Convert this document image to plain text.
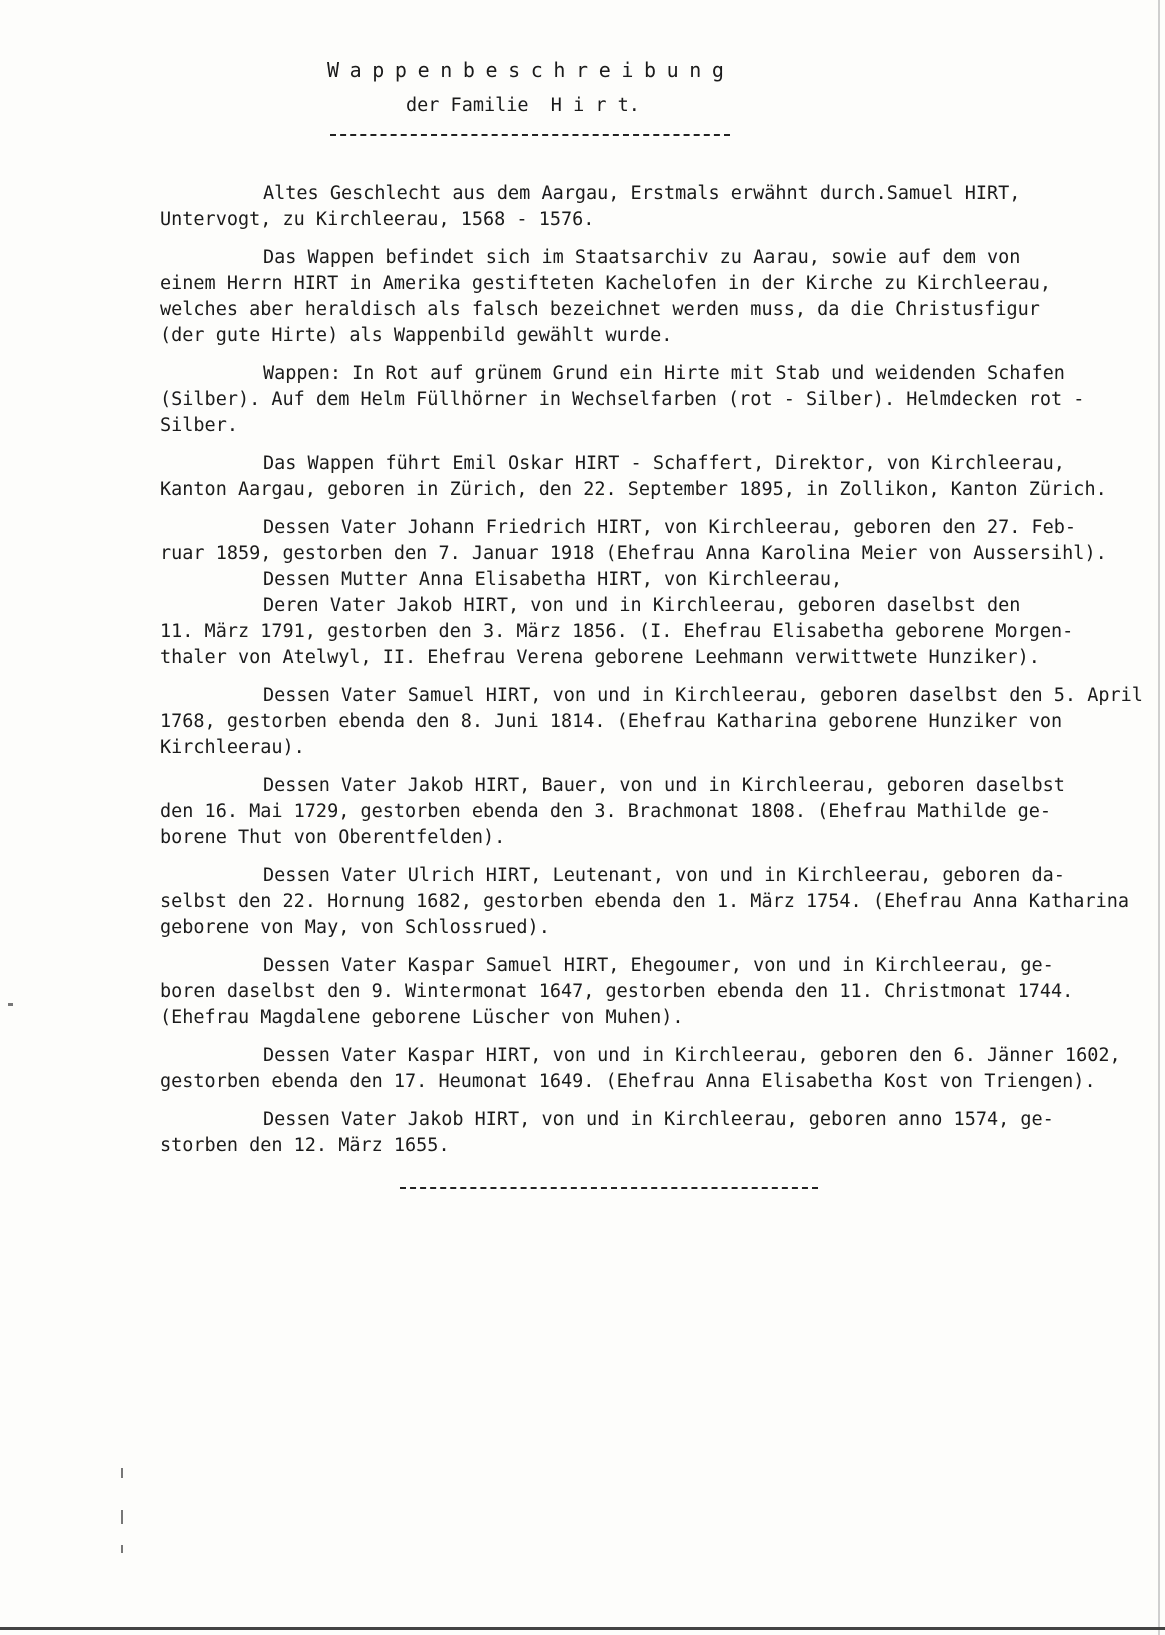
Wappenbeschreibung
der Familie  H i r t.
Altes Geschlecht aus dem Aargau, Erstmals erwähnt durch.Samuel HIRT,
Untervogt, zu Kirchleerau, 1568 - 1576.
Das Wappen befindet sich im Staatsarchiv zu Aarau, sowie auf dem von
einem Herrn HIRT in Amerika gestifteten Kachelofen in der Kirche zu Kirchleerau,
welches aber heraldisch als falsch bezeichnet werden muss, da die Christusfigur
(der gute Hirte) als Wappenbild gewählt wurde.
Wappen: In Rot auf grünem Grund ein Hirte mit Stab und weidenden Schafen
(Silber). Auf dem Helm Füllhörner in Wechselfarben (rot - Silber). Helmdecken rot -
Silber.
Das Wappen führt Emil Oskar HIRT - Schaffert, Direktor, von Kirchleerau,
Kanton Aargau, geboren in Zürich, den 22. September 1895, in Zollikon, Kanton Zürich.
Dessen Vater Johann Friedrich HIRT, von Kirchleerau, geboren den 27. Feb-
ruar 1859, gestorben den 7. Januar 1918 (Ehefrau Anna Karolina Meier von Aussersihl).
Dessen Mutter Anna Elisabetha HIRT, von Kirchleerau,
Deren Vater Jakob HIRT, von und in Kirchleerau, geboren daselbst den
11. März 1791, gestorben den 3. März 1856. (I. Ehefrau Elisabetha geborene Morgen-
thaler von Atelwyl, II. Ehefrau Verena geborene Leehmann verwittwete Hunziker).
Dessen Vater Samuel HIRT, von und in Kirchleerau, geboren daselbst den 5. April
1768, gestorben ebenda den 8. Juni 1814. (Ehefrau Katharina geborene Hunziker von
Kirchleerau).
Dessen Vater Jakob HIRT, Bauer, von und in Kirchleerau, geboren daselbst
den 16. Mai 1729, gestorben ebenda den 3. Brachmonat 1808. (Ehefrau Mathilde ge-
borene Thut von Oberentfelden).
Dessen Vater Ulrich HIRT, Leutenant, von und in Kirchleerau, geboren da-
selbst den 22. Hornung 1682, gestorben ebenda den 1. März 1754. (Ehefrau Anna Katharina
geborene von May, von Schlossrued).
Dessen Vater Kaspar Samuel HIRT, Ehegoumer, von und in Kirchleerau, ge-
boren daselbst den 9. Wintermonat 1647, gestorben ebenda den 11. Christmonat 1744.
(Ehefrau Magdalene geborene Lüscher von Muhen).
Dessen Vater Kaspar HIRT, von und in Kirchleerau, geboren den 6. Jänner 1602,
gestorben ebenda den 17. Heumonat 1649. (Ehefrau Anna Elisabetha Kost von Triengen).
Dessen Vater Jakob HIRT, von und in Kirchleerau, geboren anno 1574, ge-
storben den 12. März 1655.
